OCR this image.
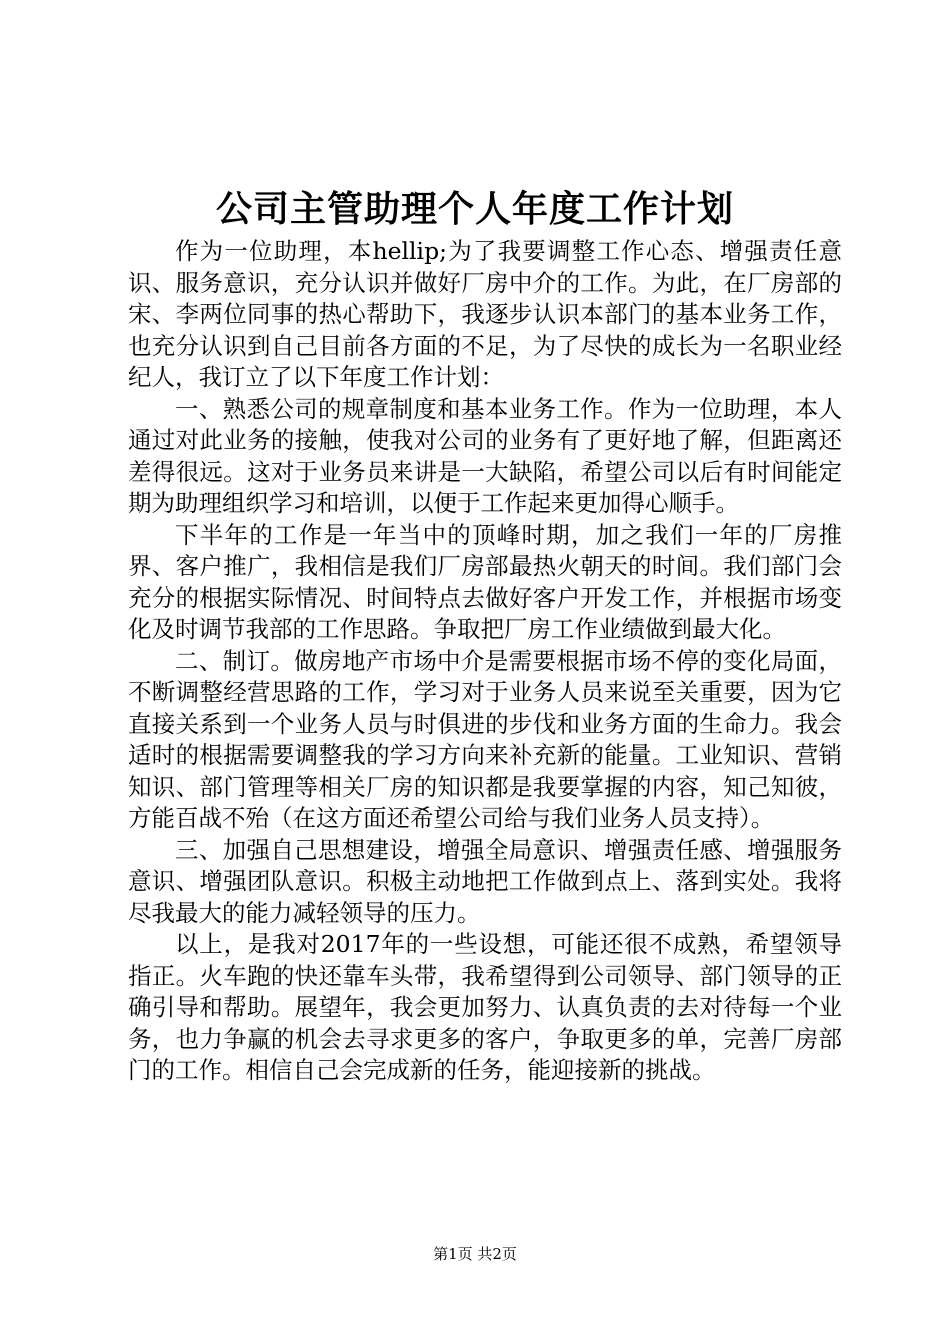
公司主管助理个人年度工作计划

作为一位助理，本hellip;为了我要调整工作心态、增强责任意识、服务意识，充分认识并做好厂房中介的工作。为此，在厂房部的宋、李两位同事的热心帮助下，我逐步认识本部门的基本业务工作，也充分认识到自己目前各方面的不足，为了尽快的成长为一名职业经纪人，我订立了以下年度工作计划：

一、熟悉公司的规章制度和基本业务工作。作为一位助理，本人通过对此业务的接触，使我对公司的业务有了更好地了解，但距离还差得很远。这对于业务员来讲是一大缺陷，希望公司以后有时间能定期为助理组织学习和培训，以便于工作起来更加得心顺手。

下半年的工作是一年当中的顶峰时期，加之我们一年的厂房推界、客户推广，我相信是我们厂房部最热火朝天的时间。我们部门会充分的根据实际情况、时间特点去做好客户开发工作，并根据市场变化及时调节我部的工作思路。争取把厂房工作业绩做到最大化。

二、制订。做房地产市场中介是需要根据市场不停的变化局面，不断调整经营思路的工作，学习对于业务人员来说至关重要，因为它直接关系到一个业务人员与时俱进的步伐和业务方面的生命力。我会适时的根据需要调整我的学习方向来补充新的能量。工业知识、营销知识、部门管理等相关厂房的知识都是我要掌握的内容，知己知彼，方能百战不殆（在这方面还希望公司给与我们业务人员支持）。

三、加强自己思想建设，增强全局意识、增强责任感、增强服务意识、增强团队意识。积极主动地把工作做到点上、落到实处。我将尽我最大的能力减轻领导的压力。

以上，是我对2017年的一些设想，可能还很不成熟，希望领导指正。火车跑的快还靠车头带，我希望得到公司领导、部门领导的正确引导和帮助。展望年，我会更加努力、认真负责的去对待每一个业务，也力争赢的机会去寻求更多的客户，争取更多的单，完善厂房部门的工作。相信自己会完成新的任务，能迎接新的挑战。

第1页 共2页
